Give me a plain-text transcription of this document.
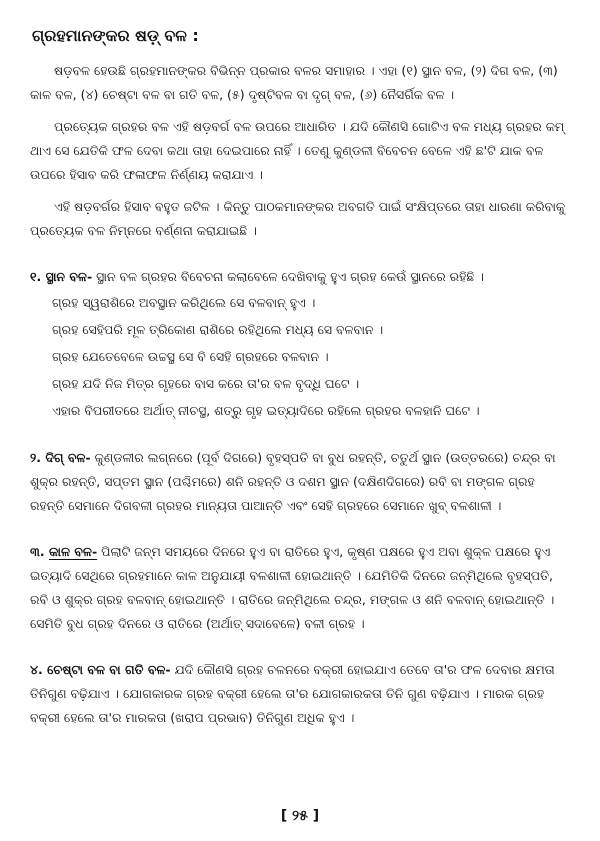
ଗ୍ରହମାନଙ୍କର ଷଡ଼୍ ବଳ :

ଷଡ଼ବଳ ହେଉଛି ଗ୍ରହମାନଙ୍କର ବିଭିନ୍ନ ପ୍ରକାର ବଳର ସମାହାର । ଏହା (୧) ସ୍ଥାନ ବଳ, (୨) ଦିଗ ବଳ, (୩) କାଳ ବଳ, (୪) ଚେଷ୍ଟା ବଳ ବା ଗତି ବଳ, (୫) ଦୃଷ୍ଟିବଳ ବା ଦୃଗ୍ ବଳ, (୬) ନୈସର୍ଗିକ ବଳ ।

ପ୍ରତ୍ୟେକ ଗ୍ରହର ବଳ ଏହି ଷଡ଼ବର୍ଗ ବଳ ଉପରେ ଆଧାରିତ । ଯଦି କୌଣସି ଗୋଟିଏ ବଳ ମଧ୍ୟ ଗ୍ରହର କମ୍ ଥାଏ ସେ ଯେତିକି ଫଳ ଦେବା କଥା ତାହା ଦେଇପାରେ ନାହିଁ । ତେଣୁ କୁଣ୍ଡଳୀ ବିବେଚନ ବେଳେ ଏହି ଛ'ଟି ଯାକ ବଳ ଉପରେ ହିସାବ କରି ଫଳାଫଳ ନିର୍ଣ୍ଣୟ କରାଯାଏ ।

ଏହି ଷଡ଼ବର୍ଗର ହିସାବ ବହୁତ ଜଟିଳ । କିନ୍ତୁ ପାଠକମାନଙ୍କର ଅବଗତି ପାଇଁ ସଂକ୍ଷିପ୍ତରେ ତାହା ଧାରଣା କରିବାକୁ ପ୍ରତ୍ୟେକ ବଳ ନିମ୍ନରେ ବର୍ଣ୍ଣନା କରାଯାଇଛି ।

୧. ସ୍ଥାନ ବଳ- ସ୍ଥାନ ବଳ ଗ୍ରହର ବିବେଚନା କଲାବେଳେ ଦେଖିବାକୁ ହୁଏ ଗ୍ରହ କେଉଁ ସ୍ଥାନରେ ରହିଛି ।

ଗ୍ରହ ସ୍ୱରାଶିରେ ଅବସ୍ଥାନ କରିଥିଲେ ସେ ବଳବାନ୍ ହୁଏ ।
ଗ୍ରହ ସେହିପରି ମୂଳ ତ୍ରିକୋଣ ରାଶିରେ ରହିଥିଲେ ମଧ୍ୟ ସେ ବଳବାନ ।
ଗ୍ରହ ଯେତେବେଳେ ଉଚ୍ଚସ୍ଥ ସେ ବି ସେହି ଗ୍ରହରେ ବଳବାନ ।
ଗ୍ରହ ଯଦି ନିଜ ମିତ୍ର ଗୃହରେ ବାସ କରେ ତା'ର ବଳ ବୃଦ୍ଧି ଘଟେ ।
ଏହାର ବିପରୀତରେ ଅର୍ଥାତ୍ ନୀଚସ୍ଥ, ଶତ୍ରୁ ଗୃହ ଇତ୍ୟାଦିରେ ରହିଲେ ଗ୍ରହର ବଳହାନି ଘଟେ ।

୨. ଦିଗ୍ ବଳ- କୁଣ୍ଡଳୀର ଲଗ୍ନରେ (ପୂର୍ବ ଦିଗରେ) ବୃହସ୍ପତି ବା ବୁଧ ରହନ୍ତି, ଚତୁର୍ଥ ସ୍ଥାନ (ଉତ୍ତରରେ) ଚନ୍ଦ୍ର ବା ଶୁକ୍ର ରହନ୍ତି, ସପ୍ତମ ସ୍ଥାନ (ପଶ୍ଚିମରେ) ଶନି ରହନ୍ତି ଓ ଦଶମ ସ୍ଥାନ (ଦକ୍ଷିଣଦିଗରେ) ରବି ବା ମଙ୍ଗଳ ଗ୍ରହ ରହନ୍ତି ସେମାନେ ଦିଗବଳୀ ଗ୍ରହର ମାନ୍ୟତା ପାଆନ୍ତି ଏବଂ ସେହି ଗ୍ରହରେ ସେମାନେ ଖୁବ୍ ବଳଶାଳୀ ।

୩. କାଳ ବଳ- ପିଲାଟି ଜନ୍ମ ସମୟରେ ଦିନରେ ହୁଏ ବା ରାତିରେ ହୁଏ, କୃଷ୍ଣ ପକ୍ଷରେ ହୁଏ ଅବା ଶୁକ୍ଳ ପକ୍ଷରେ ହୁଏ ଇତ୍ୟାଦି ସେଥିରେ ଗ୍ରହମାନେ କାଳ ଅନୁଯାୟୀ ବଳଶାଳୀ ହୋଇଥାନ୍ତି । ଯେମିତିକି ଦିନରେ ଜନ୍ମିଥିଲେ ବୃହସ୍ପତି, ରବି ଓ ଶୁକ୍ର ଗ୍ରହ ବଳବାନ୍ ହୋଇଥାନ୍ତି । ରାତିରେ ଜନ୍ମିଥିଲେ ଚନ୍ଦ୍ର, ମଙ୍ଗଳ ଓ ଶନି ବଳବାନ୍ ହୋଇଥାନ୍ତି । ସେମିତି ବୁଧ ଗ୍ରହ ଦିନରେ ଓ ରାତିରେ (ଅର୍ଥାତ୍ ସଦାବେଳେ) ବଳୀ ଗ୍ରହ ।

୪. ଚେଷ୍ଟା ବଳ ବା ଗତି ବଳ- ଯଦି କୌଣସି ଗ୍ରହ ଚଳନରେ ବକ୍ରୀ ହୋଇଯାଏ ତେବେ ତା'ର ଫଳ ଦେବାର କ୍ଷମତା ତିନିଗୁଣ ବଢ଼ିଯାଏ । ଯୋଗକାରକ ଗ୍ରହ ବକ୍ରୀ ହେଲେ ତା'ର ଯୋଗକାରକତା ତିନି ଗୁଣ ବଢ଼ିଯାଏ । ମାରକ ଗ୍ରହ ବକ୍ରୀ ହେଲେ ତା'ର ମାରକତା (ଖରାପ ପ୍ରଭାବ) ତିନିଗୁଣ ଅଧିକ ହୁଏ ।

[ ୨୫ ]
